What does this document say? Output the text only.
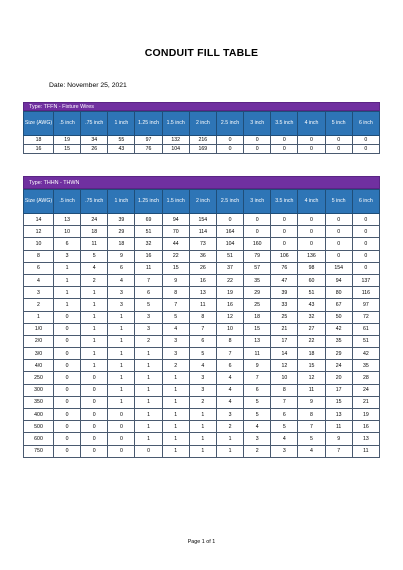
CONDUIT FILL TABLE
Date: November 25, 2021
Type: TFFN - Fixture Wires
Size (AWG)	.5 inch	.75 inch	1 inch	1.25 inch	1.5 inch	2 inch	2.5 inch	3 inch	3.5 inch	4 inch	5 inch	6 inch
18	19	34	55	97	132	216	0	0	0	0	0	0
16	15	26	43	76	104	169	0	0	0	0	0	0
Type: THHN - THWN
Size (AWG)	.5 inch	.75 inch	1 inch	1.25 inch	1.5 inch	2 inch	2.5 inch	3 inch	3.5 inch	4 inch	5 inch	6 inch
14	13	24	39	69	94	154	0	0	0	0	0	0
12	10	18	29	51	70	114	164	0	0	0	0	0
10	6	11	18	32	44	73	104	160	0	0	0	0
8	3	5	9	16	22	36	51	79	106	136	0	0
6	1	4	6	11	15	26	37	57	76	98	154	0
4	1	2	4	7	9	16	22	35	47	60	94	137
3	1	1	3	6	8	13	19	29	39	51	80	116
2	1	1	3	5	7	11	16	25	33	43	67	97
1	0	1	1	3	5	8	12	18	25	32	50	72
1/0	0	1	1	3	4	7	10	15	21	27	42	61
2/0	0	1	1	2	3	6	8	13	17	22	35	51
3/0	0	1	1	1	3	5	7	11	14	18	29	42
4/0	0	1	1	1	2	4	6	9	12	15	24	35
250	0	0	1	1	1	3	4	7	10	12	20	28
300	0	0	1	1	1	3	4	6	8	11	17	24
350	0	0	1	1	1	2	4	5	7	9	15	21
400	0	0	0	1	1	1	3	5	6	8	13	19
500	0	0	0	1	1	1	2	4	5	7	11	16
600	0	0	0	1	1	1	1	3	4	5	9	13
750	0	0	0	0	1	1	1	2	3	4	7	11
Page 1 of 1
